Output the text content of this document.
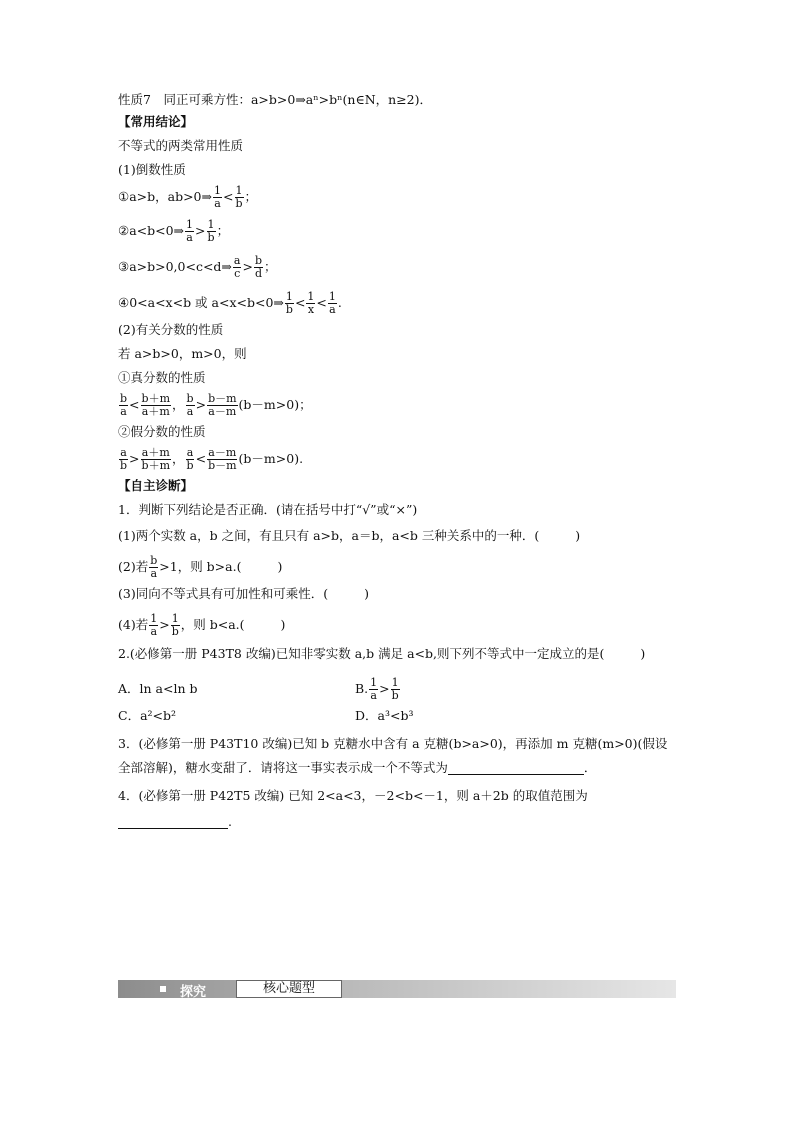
性质7　同正可乘方性： a>b>0⇒aⁿ>bⁿ(n∈N，n≥2)．
【常用结论】
不等式的两类常用性质
(1)倒数性质
①a>b，ab>0⇒ $\frac{1}{a} < \frac{1}{b}$ ；
②a<b<0⇒ $\frac{1}{a} > \frac{1}{b}$ ；
③a>b>0,0<c<d⇒ $\frac{a}{c} > \frac{b}{d}$ ；
④0<a<x<b 或 a<x<b<0⇒ $\frac{1}{b} < \frac{1}{x} < \frac{1}{a}$ .
(2)有关分数的性质
若 a>b>0，m>0，则
①真分数的性质
$\frac{b}{a} < \frac{b+m}{a+m}$ ， $\frac{b}{a} > \frac{b-m}{a-m} (b-m>0)$；
②假分数的性质
$\frac{a}{b} > \frac{a+m}{b+m}$ ， $\frac{a}{b} < \frac{a-m}{b-m} (b-m>0)$.
【自主诊断】
1．判断下列结论是否正确．(请在括号中打“√”或“×”)
(1)两个实数 a，b 之间，有且只有 a>b，a＝b，a<b 三种关系中的一种．(	)
(2)若 $\frac{b}{a} >1$，则 b>a.(	)
(3)同向不等式具有可加性和可乘性．(	)
(4)若 $\frac{1}{a} > \frac{1}{b}$ ，则 b<a.(	)
2.(必修第一册 P43T8 改编)已知非零实数 a,b 满足 a<b,则下列不等式中一定成立的是(	)
A．ln a<ln b	B. $\frac{1}{a} > \frac{1}{b}$
C．a²<b²	D．a³<b³
3．(必修第一册 P43T10 改编)已知 b 克糖水中含有 a 克糖(b>a>0)，再添加 m 克糖(m>0)(假设
全部溶解)，糖水变甜了．请将这一事实表示成一个不等式为	．
4．(必修第一册 P42T5 改编) 已知 2<a<3，－2<b<－1，则 a＋2b 的取值范围为
.
探究	核心题型
